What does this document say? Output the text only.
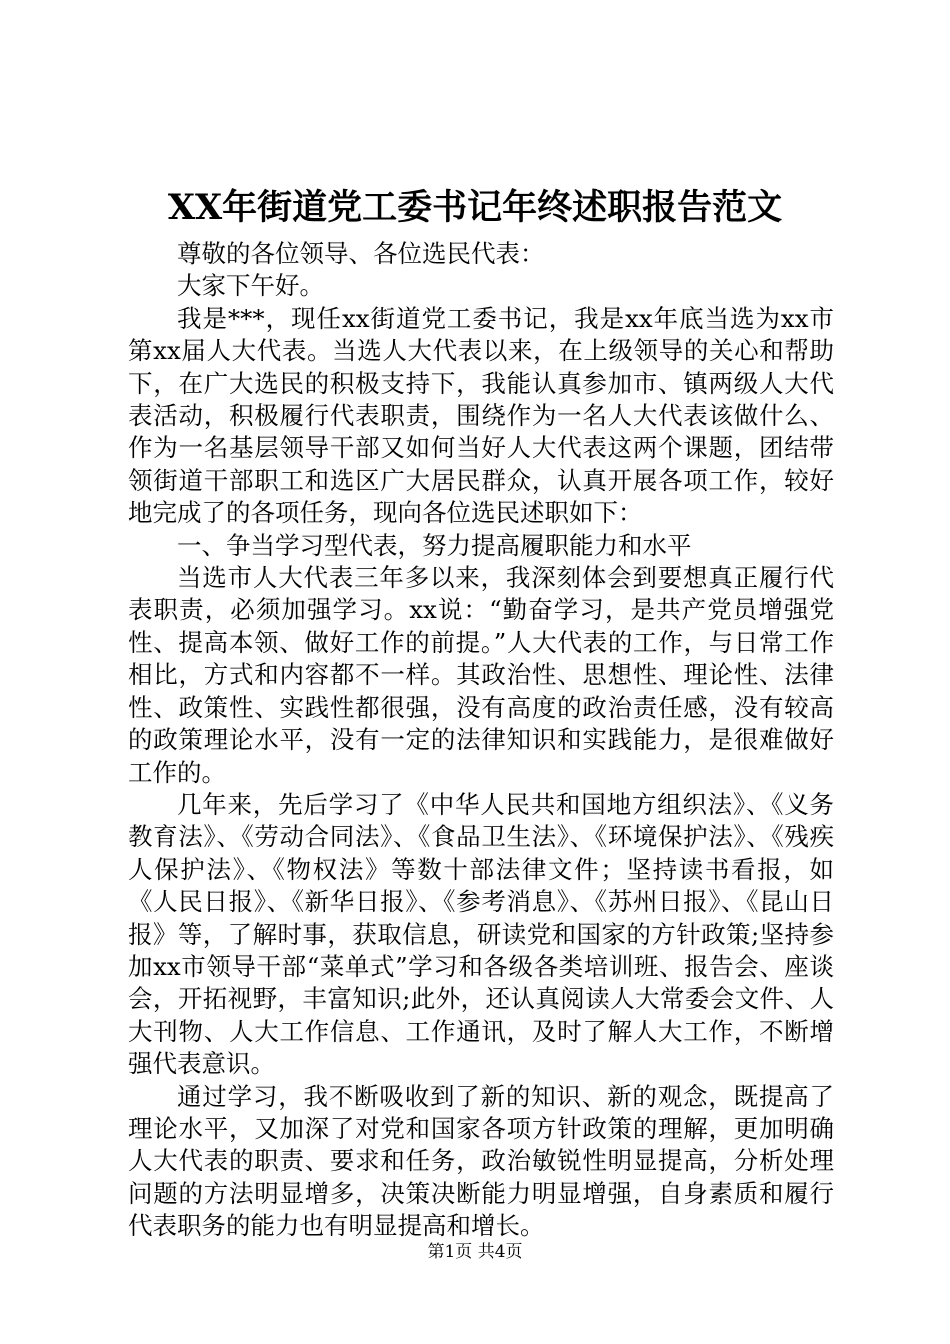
XX年街道党工委书记年终述职报告范文

尊敬的各位领导、各位选民代表：

大家下午好。

我是***，现任xx街道党工委书记，我是xx年底当选为xx市第xx届人大代表。当选人大代表以来，在上级领导的关心和帮助下，在广大选民的积极支持下，我能认真参加市、镇两级人大代表活动，积极履行代表职责，围绕作为一名人大代表该做什么、作为一名基层领导干部又如何当好人大代表这两个课题，团结带领街道干部职工和选区广大居民群众，认真开展各项工作，较好地完成了的各项任务，现向各位选民述职如下：

一、争当学习型代表，努力提高履职能力和水平

当选市人大代表三年多以来，我深刻体会到要想真正履行代表职责，必须加强学习。xx说：“勤奋学习，是共产党员增强党性、提高本领、做好工作的前提。”人大代表的工作，与日常工作相比，方式和内容都不一样。其政治性、思想性、理论性、法律性、政策性、实践性都很强，没有高度的政治责任感，没有较高的政策理论水平，没有一定的法律知识和实践能力，是很难做好工作的。

几年来，先后学习了《中华人民共和国地方组织法》、《义务教育法》、《劳动合同法》、《食品卫生法》、《环境保护法》、《残疾人保护法》、《物权法》等数十部法律文件；坚持读书看报，如《人民日报》、《新华日报》、《参考消息》、《苏州日报》、《昆山日报》等，了解时事，获取信息，研读党和国家的方针政策;坚持参加xx市领导干部“菜单式”学习和各级各类培训班、报告会、座谈会，开拓视野，丰富知识;此外，还认真阅读人大常委会文件、人大刊物、人大工作信息、工作通讯，及时了解人大工作，不断增强代表意识。

通过学习，我不断吸收到了新的知识、新的观念，既提高了理论水平，又加深了对党和国家各项方针政策的理解，更加明确人大代表的职责、要求和任务，政治敏锐性明显提高，分析处理问题的方法明显增多，决策决断能力明显增强，自身素质和履行代表职务的能力也有明显提高和增长。

第1页 共4页
